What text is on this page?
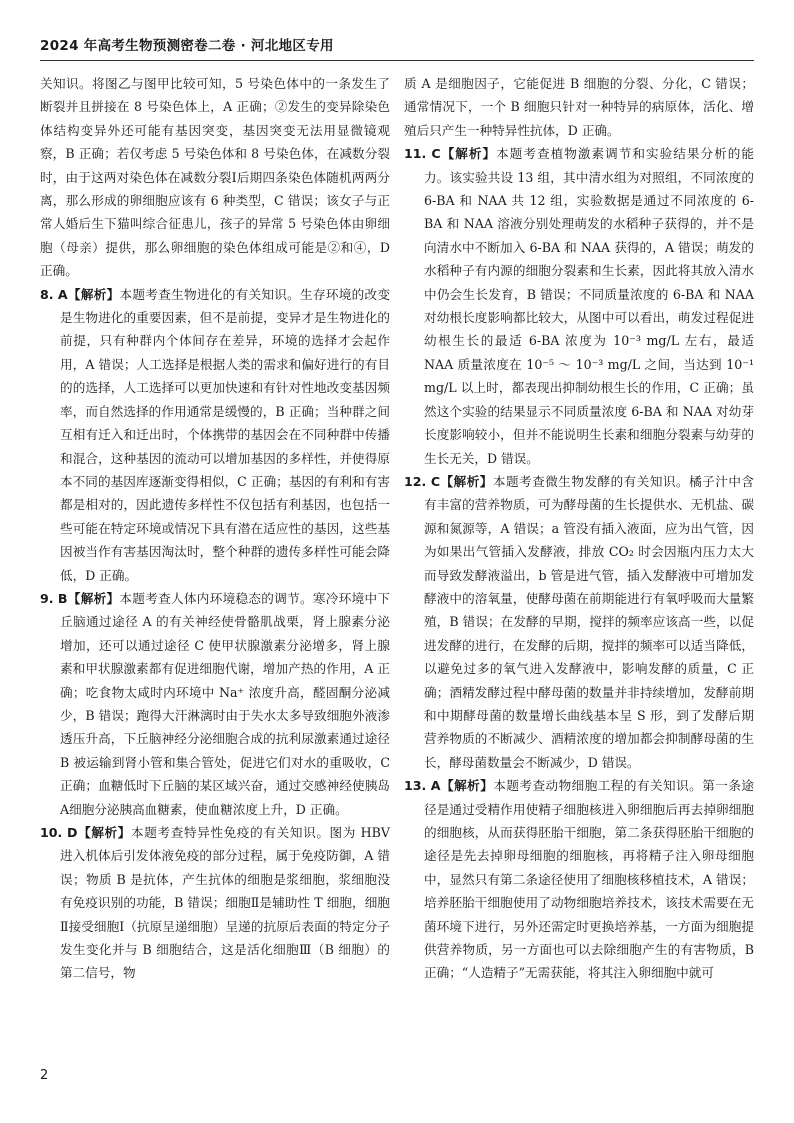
2024 年高考生物预测密卷二卷 · 河北地区专用

关知识。将图乙与图甲比较可知，5 号染色体中的一条发生了断裂并且拼接在 8 号染色体上，A 正确；②发生的变异除染色体结构变异外还可能有基因突变，基因突变无法用显微镜观察，B 正确；若仅考虑 5 号染色体和 8 号染色体，在减数分裂时，由于这两对染色体在减数分裂Ⅰ后期四条染色体随机两两分离，那么形成的卵细胞应该有 6 种类型，C 错误；该女子与正常人婚后生下猫叫综合征患儿，孩子的异常 5 号染色体由卵细胞（母亲）提供，那么卵细胞的染色体组成可能是②和④，D 正确。

8. A【解析】本题考查生物进化的有关知识。生存环境的改变是生物进化的重要因素，但不是前提，变异才是生物进化的前提，只有种群内个体间存在差异，环境的选择才会起作用，A 错误；人工选择是根据人类的需求和偏好进行的有目的的选择，人工选择可以更加快速和有针对性地改变基因频率，而自然选择的作用通常是缓慢的，B 正确；当种群之间互相有迁入和迁出时，个体携带的基因会在不同种群中传播和混合，这种基因的流动可以增加基因的多样性，并使得原本不同的基因库逐渐变得相似，C 正确；基因的有利和有害都是相对的，因此遗传多样性不仅包括有利基因，也包括一些可能在特定环境或情况下具有潜在适应性的基因，这些基因被当作有害基因淘汰时，整个种群的遗传多样性可能会降低，D 正确。

9. B【解析】本题考查人体内环境稳态的调节。寒冷环境中下丘脑通过途径 A 的有关神经使骨骼肌战栗，肾上腺素分泌增加，还可以通过途径 C 使甲状腺激素分泌增多，肾上腺素和甲状腺激素都有促进细胞代谢，增加产热的作用，A 正确；吃食物太咸时内环境中 Na⁺ 浓度升高，醛固酮分泌减少，B 错误；跑得大汗淋漓时由于失水太多导致细胞外液渗透压升高，下丘脑神经分泌细胞合成的抗利尿激素通过途径 B 被运输到肾小管和集合管处，促进它们对水的重吸收，C 正确；血糖低时下丘脑的某区域兴奋，通过交感神经使胰岛A细胞分泌胰高血糖素，使血糖浓度上升，D 正确。

10. D【解析】本题考查特异性免疫的有关知识。图为 HBV 进入机体后引发体液免疫的部分过程，属于免疫防御，A 错误；物质 B 是抗体，产生抗体的细胞是浆细胞，浆细胞没有免疫识别的功能，B 错误；细胞Ⅱ是辅助性 T 细胞，细胞Ⅱ接受细胞Ⅰ（抗原呈递细胞）呈递的抗原后表面的特定分子发生变化并与 B 细胞结合，这是活化细胞Ⅲ（B 细胞）的第二信号，物

质 A 是细胞因子，它能促进 B 细胞的分裂、分化，C 错误；通常情况下，一个 B 细胞只针对一种特异的病原体，活化、增殖后只产生一种特异性抗体，D 正确。

11. C【解析】本题考查植物激素调节和实验结果分析的能力。该实验共设 13 组，其中清水组为对照组，不同浓度的 6-BA 和 NAA 共 12 组，实验数据是通过不同浓度的 6-BA 和 NAA 溶液分别处理萌发的水稻种子获得的，并不是向清水中不断加入 6-BA 和 NAA 获得的，A 错误；萌发的水稻种子有内源的细胞分裂素和生长素，因此将其放入清水中仍会生长发育，B 错误；不同质量浓度的 6-BA 和 NAA 对幼根长度影响都比较大，从图中可以看出，萌发过程促进幼根生长的最适 6-BA 浓度为 10⁻³ mg/L 左右，最适 NAA 质量浓度在 10⁻⁵ ～ 10⁻³ mg/L 之间，当达到 10⁻¹ mg/L 以上时，都表现出抑制幼根生长的作用，C 正确；虽然这个实验的结果显示不同质量浓度 6-BA 和 NAA 对幼芽长度影响较小，但并不能说明生长素和细胞分裂素与幼芽的生长无关，D 错误。

12. C【解析】本题考查微生物发酵的有关知识。橘子汁中含有丰富的营养物质，可为酵母菌的生长提供水、无机盐、碳源和氮源等，A 错误；a 管没有插入液面，应为出气管，因为如果出气管插入发酵液，排放 CO₂ 时会因瓶内压力太大而导致发酵液溢出，b 管是进气管，插入发酵液中可增加发酵液中的溶氧量，使酵母菌在前期能进行有氧呼吸而大量繁殖，B 错误；在发酵的早期，搅拌的频率应该高一些，以促进发酵的进行，在发酵的后期，搅拌的频率可以适当降低，以避免过多的氧气进入发酵液中，影响发酵的质量，C 正确；酒精发酵过程中酵母菌的数量并非持续增加，发酵前期和中期酵母菌的数量增长曲线基本呈 S 形，到了发酵后期营养物质的不断减少、酒精浓度的增加都会抑制酵母菌的生长，酵母菌数量会不断减少，D 错误。

13. A【解析】本题考查动物细胞工程的有关知识。第一条途径是通过受精作用使精子细胞核进入卵细胞后再去掉卵细胞的细胞核，从而获得胚胎干细胞，第二条获得胚胎干细胞的途径是先去掉卵母细胞的细胞核，再将精子注入卵母细胞中，显然只有第二条途径使用了细胞核移植技术，A 错误；培养胚胎干细胞使用了动物细胞培养技术，该技术需要在无菌环境下进行，另外还需定时更换培养基，一方面为细胞提供营养物质，另一方面也可以去除细胞产生的有害物质，B 正确；“人造精子”无需获能，将其注入卵细胞中就可

2
